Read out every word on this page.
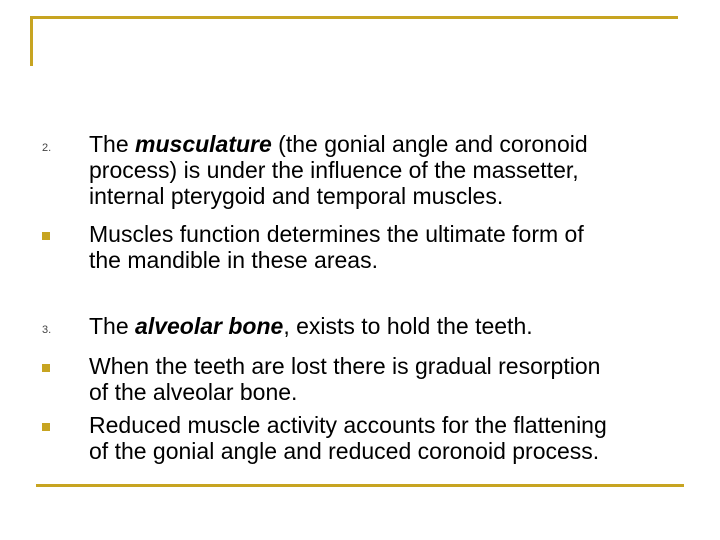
2. The musculature (the gonial angle and coronoid
process) is under the influence of the massetter,
internal pterygoid and temporal muscles.
Muscles function determines the ultimate form of
the mandible in these areas.
3. The alveolar bone, exists to hold the teeth.
When the teeth are lost there is gradual resorption
of the alveolar bone.
Reduced muscle activity accounts for the flattening
of the gonial angle and reduced coronoid process.
